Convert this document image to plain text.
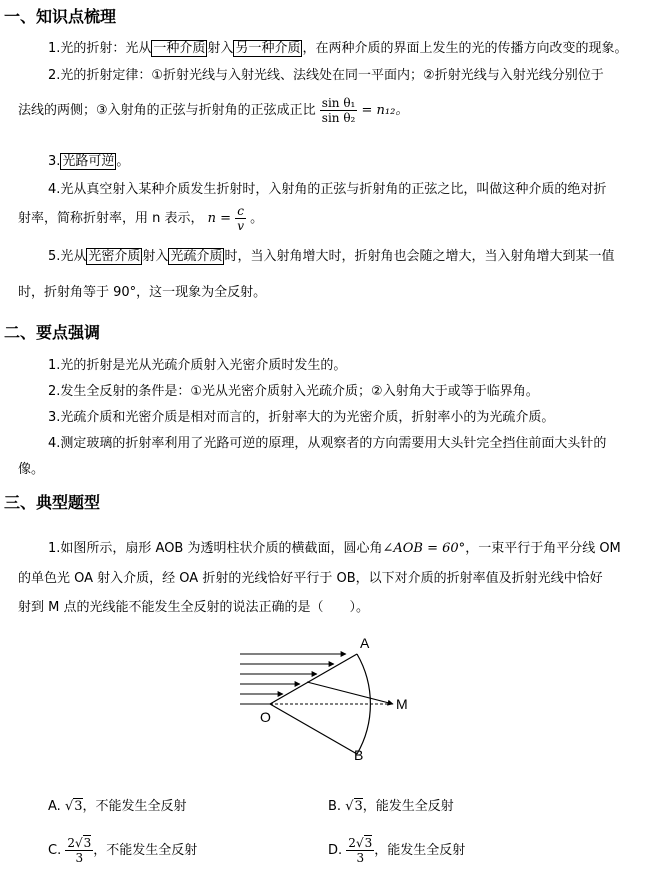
一、知识点梳理
1.光的折射：光从 一种介质 射入 另一种介质 ，在两种介质的界面上发生的光的传播方向改变的现象。
2.光的折射定律：①折射光线与入射光线、法线处在同一平面内；②折射光线与入射光线分别位于
法线的两侧；③入射角的正弦与折射角的正弦成正比 $\frac{\text{sin θ₁}}{\text{sin θ₂}} = n_{12}$。
3. 光路可逆 。
4.光从真空射入某种介质发生折射时，入射角的正弦与折射角的正弦之比，叫做这种介质的绝对折
射率，简称折射率，用 n 表示， $n = \frac{c}{v}$ 。
5.光从 光密介质 射入 光疏介质 时，当入射角增大时，折射角也会随之增大，当入射角增大到某一值
时，折射角等于 90°，这一现象为全反射。
二、要点强调
1.光的折射是光从光疏介质射入光密介质时发生的。
2.发生全反射的条件是：①光从光密介质射入光疏介质；②入射角大于或等于临界角。
3.光疏介质和光密介质是相对而言的，折射率大的为光密介质，折射率小的为光疏介质。
4.测定玻璃的折射率利用了光路可逆的原理，从观察者的方向需要用大头针完全挡住前面大头针的
像。
三、典型题型
1.如图所示，扇形 AOB 为透明柱状介质的横截面，圆心角∠AOB = 60°，一束平行于角平分线 OM
的单色光 OA 射入介质，经 OA 折射的光线恰好平行于 OB，以下对介质的折射率值及折射光线中恰好
射到 M 点的光线能不能发生全反射的说法正确的是（　　）。
A
O
M
B
A. √3，不能发生全反射	B. √3，能发生全反射
C. $\frac{2√3}{3}$ ，不能发生全反射	D. $\frac{2√3}{3}$ ，能发生全反射
